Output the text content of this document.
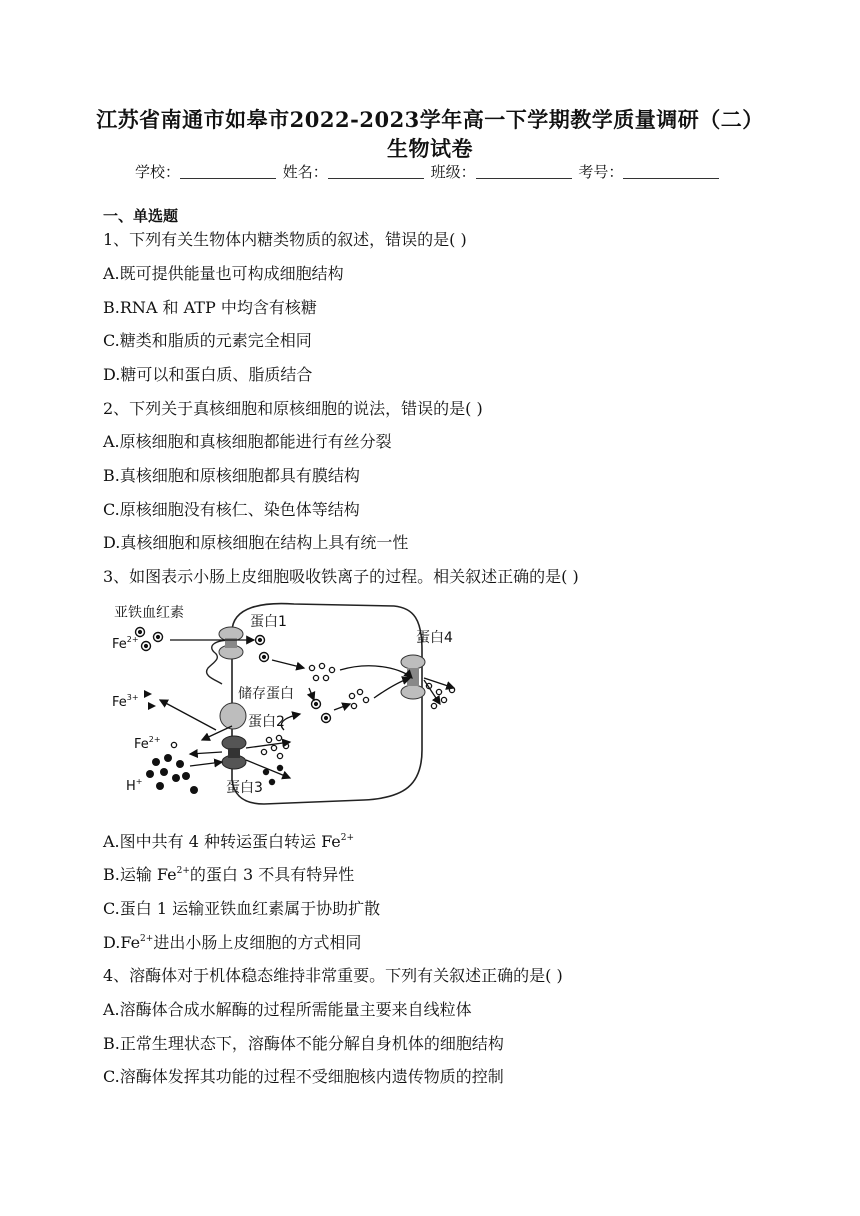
江苏省南通市如皋市2022-2023学年高一下学期教学质量调研（二）
生物试卷
学校：	姓名：	班级：	考号：
一、单选题
1、下列有关生物体内糖类物质的叙述，错误的是( )
A.既可提供能量也可构成细胞结构
B.RNA 和 ATP 中均含有核糖
C.糖类和脂质的元素完全相同
D.糖可以和蛋白质、脂质结合
2、下列关于真核细胞和原核细胞的说法，错误的是( )
A.原核细胞和真核细胞都能进行有丝分裂
B.真核细胞和原核细胞都具有膜结构
C.原核细胞没有核仁、染色体等结构
D.真核细胞和原核细胞在结构上具有统一性
3、如图表示小肠上皮细胞吸收铁离子的过程。相关叙述正确的是( )
亚铁血红素
$Fe^{2+}$
蛋白1
蛋白4
$Fe^{3+}$	储存蛋白
蛋白2
$Fe^{2+}$
H+	蛋白3
A.图中共有 4 种转运蛋白转运 $Fe^{2+}$
B.运输 $Fe^{2+}$的蛋白 3 不具有特异性
C.蛋白 1 运输亚铁血红素属于协助扩散
$D.Fe^{2+}$进出小肠上皮细胞的方式相同
4、溶酶体对于机体稳态维持非常重要。下列有关叙述正确的是( )
A.溶酶体合成水解酶的过程所需能量主要来自线粒体
B.正常生理状态下，溶酶体不能分解自身机体的细胞结构
C.溶酶体发挥其功能的过程不受细胞核内遗传物质的控制
